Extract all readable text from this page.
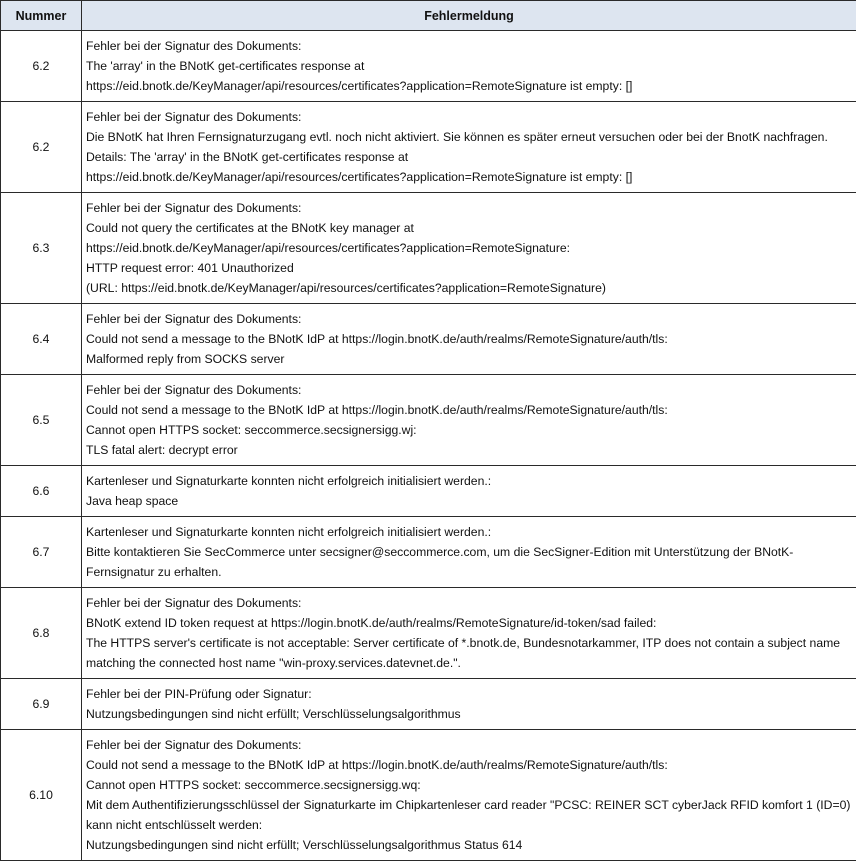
Nummer	Fehlermeldung
6.2	Fehler bei der Signatur des Dokuments:
The 'array' in the BNotK get-certificates response at
https://eid.bnotk.de/KeyManager/api/resources/certificates?application=RemoteSignature ist empty: []

6.2	Fehler bei der Signatur des Dokuments:
Die BNotK hat Ihren Fernsignaturzugang evtl. noch nicht aktiviert. Sie können es später erneut versuchen oder bei der BnotK nachfragen.
Details: The 'array' in the BNotK get-certificates response at
https://eid.bnotk.de/KeyManager/api/resources/certificates?application=RemoteSignature ist empty: []

6.3	Fehler bei der Signatur des Dokuments:
Could not query the certificates at the BNotK key manager at
https://eid.bnotk.de/KeyManager/api/resources/certificates?application=RemoteSignature:
HTTP request error: 401 Unauthorized
(URL: https://eid.bnotk.de/KeyManager/api/resources/certificates?application=RemoteSignature)

6.4	Fehler bei der Signatur des Dokuments:
Could not send a message to the BNotK IdP at https://login.bnotK.de/auth/realms/RemoteSignature/auth/tls:
Malformed reply from SOCKS server

6.5	Fehler bei der Signatur des Dokuments:
Could not send a message to the BNotK IdP at https://login.bnotK.de/auth/realms/RemoteSignature/auth/tls:
Cannot open HTTPS socket: seccommerce.secsignersigg.wj:
TLS fatal alert: decrypt error

6.6	Kartenleser und Signaturkarte konnten nicht erfolgreich initialisiert werden.:
Java heap space

6.7	Kartenleser und Signaturkarte konnten nicht erfolgreich initialisiert werden.:
Bitte kontaktieren Sie SecCommerce unter secsigner@seccommerce.com, um die SecSigner-Edition mit Unterstützung der BNotK-Fernsignatur zu erhalten.

6.8	Fehler bei der Signatur des Dokuments:
BNotK extend ID token request at https://login.bnotK.de/auth/realms/RemoteSignature/id-token/sad failed:
The HTTPS server's certificate is not acceptable: Server certificate of *.bnotk.de, Bundesnotarkammer, ITP does not contain a subject name matching the connected host name "win-proxy.services.datevnet.de.".

6.9	Fehler bei der PIN-Prüfung oder Signatur:
Nutzungsbedingungen sind nicht erfüllt; Verschlüsselungsalgorithmus

6.10	Fehler bei der Signatur des Dokuments:
Could not send a message to the BNotK IdP at https://login.bnotK.de/auth/realms/RemoteSignature/auth/tls:
Cannot open HTTPS socket: seccommerce.secsignersigg.wq:
Mit dem Authentifizierungsschlüssel der Signaturkarte im Chipkartenleser card reader "PCSC: REINER SCT cyberJack RFID komfort 1 (ID=0) kann nicht entschlüsselt werden:
Nutzungsbedingungen sind nicht erfüllt; Verschlüsselungsalgorithmus Status 614
